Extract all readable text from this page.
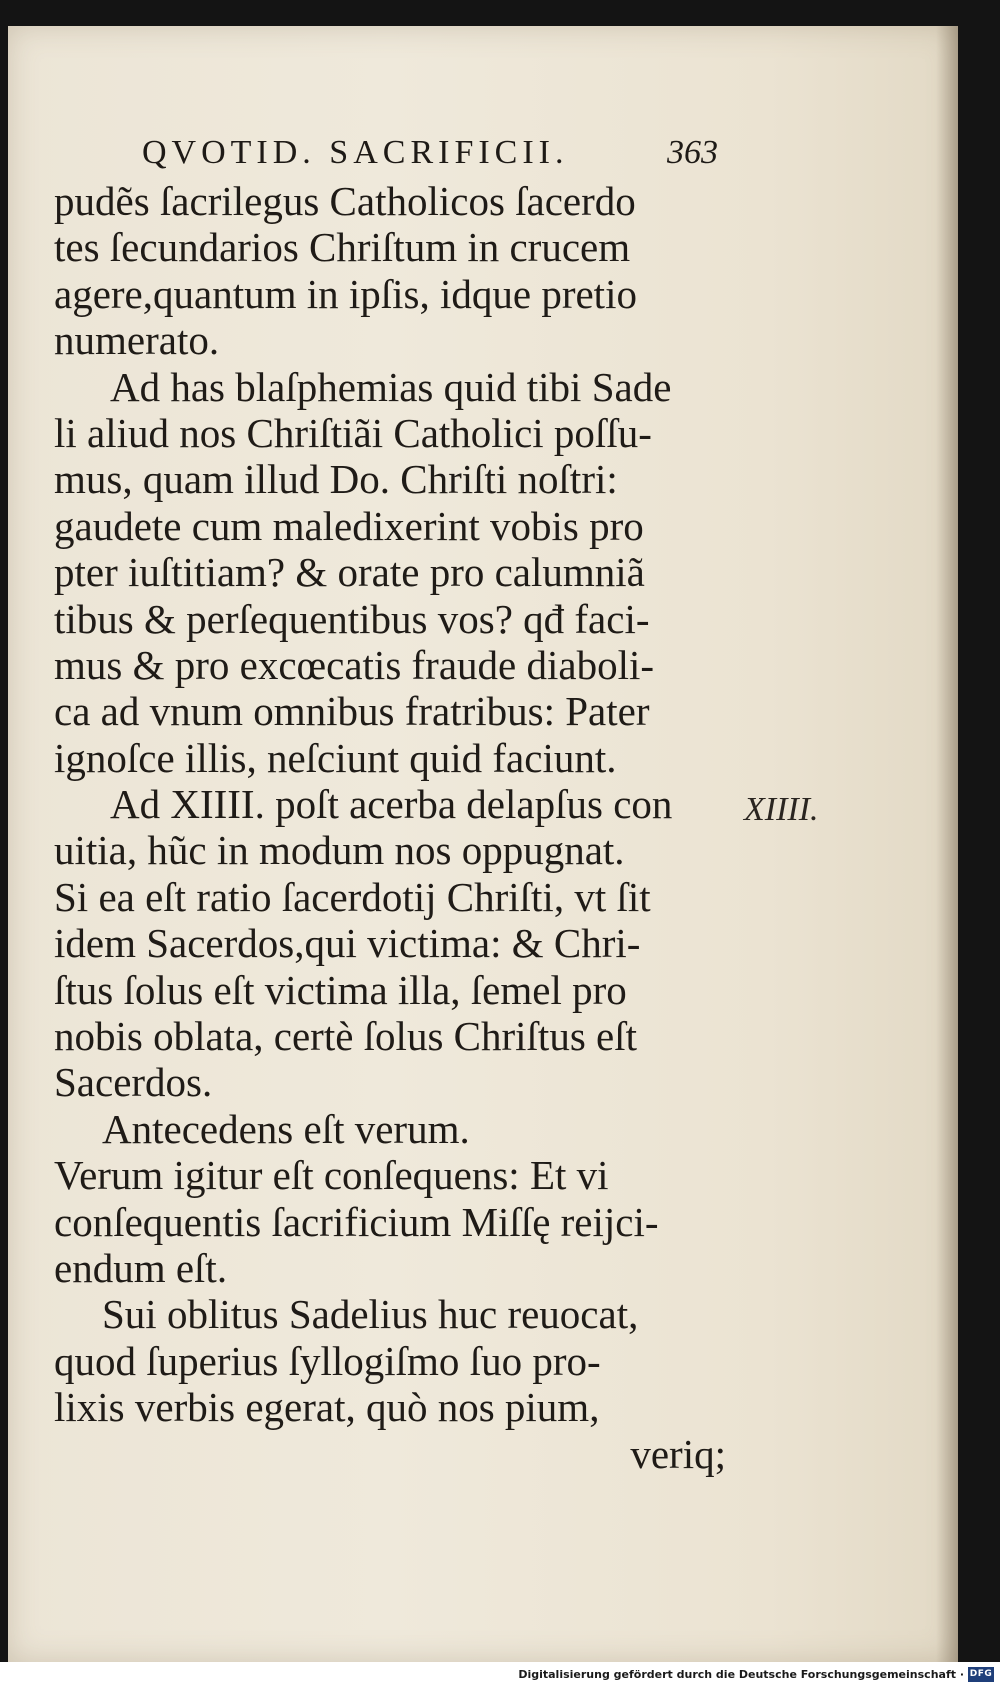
QVOTID. SACRIFICII.	363
pudẽs ſacrilegus Catholicos ſacerdo
tes ſecundarios Chriſtum in crucem
agere,quantum in ipſis, idque pretio
numerato.
Ad has blaſphemias quid tibi Sade
li aliud nos Chriſtiãi Catholici poſſu-
mus, quam illud Do. Chriſti noſtri:
gaudete cum maledixerint vobis pro
pter iuſtitiam? & orate pro calumniã
tibus & perſequentibus vos? qđ faci-
mus & pro excœcatis fraude diaboli-
ca ad vnum omnibus fratribus: Pater
ignoſce illis, neſciunt quid faciunt.
Ad XIIII. poſt acerba delapſus con
uitia, hũc in modum nos oppugnat.
Si ea eſt ratio ſacerdotij Chriſti, vt ſit
idem Sacerdos,qui victima: & Chri-
ſtus ſolus eſt victima illa, ſemel pro
nobis oblata, certè ſolus Chriſtus eſt
Sacerdos.
Antecedens eſt verum.
Verum igitur eſt conſequens: Et vi
conſequentis ſacrificium Miſſę reijci-
endum eſt.
Sui oblitus Sadelius huc reuocat,
quod ſuperius ſyllogiſmo ſuo pro-
lixis verbis egerat, quò nos pium,
veriq;
XIIII.
Digitalisierung gefördert durch die Deutsche Forschungsgemeinschaft · DFG
